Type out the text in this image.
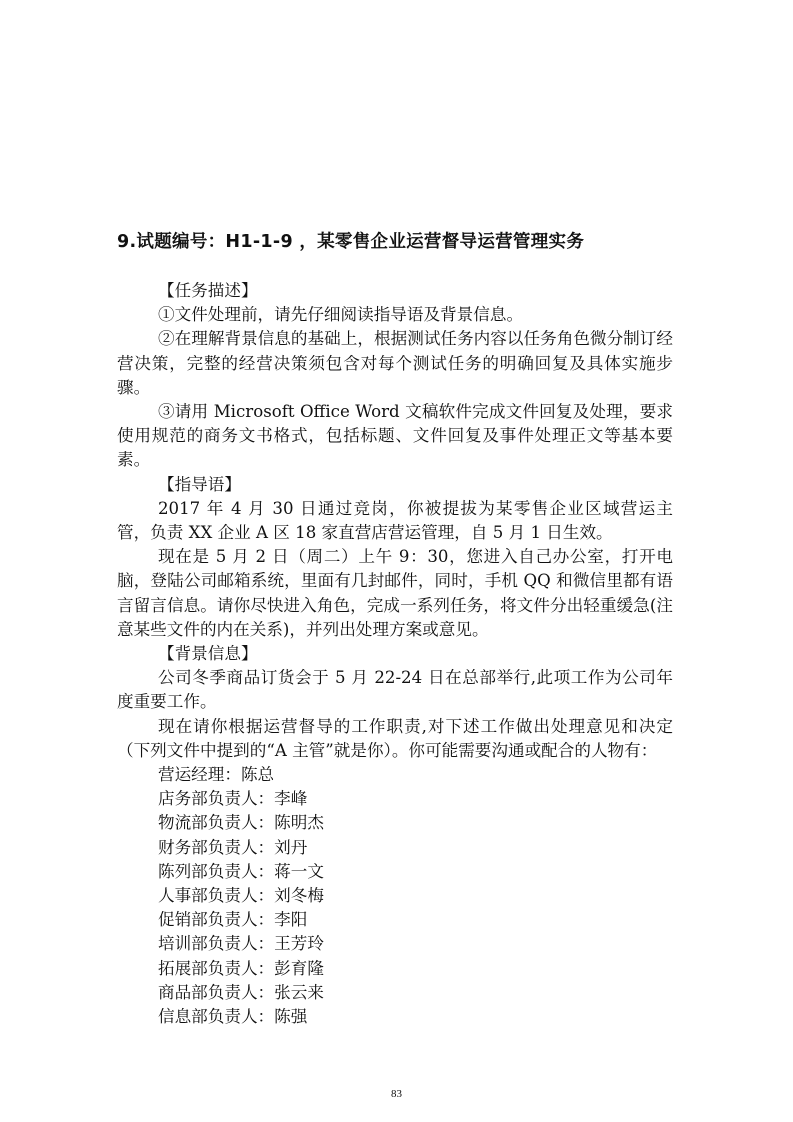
9.试题编号：H1-1-9 ，某零售企业运营督导运营管理实务

【任务描述】

①文件处理前，请先仔细阅读指导语及背景信息。

②在理解背景信息的基础上，根据测试任务内容以任务角色微分制订经营决策，完整的经营决策须包含对每个测试任务的明确回复及具体实施步骤。

③请用 Microsoft Office Word 文稿软件完成文件回复及处理，要求使用规范的商务文书格式，包括标题、文件回复及事件处理正文等基本要素。

【指导语】

2017 年 4 月 30 日通过竞岗，你被提拔为某零售企业区域营运主管，负责 XX 企业 A 区 18 家直营店营运管理，自 5 月 1 日生效。

现在是 5 月 2 日（周二）上午 9：30，您进入自己办公室，打开电脑，登陆公司邮箱系统，里面有几封邮件，同时，手机 QQ 和微信里都有语言留言信息。请你尽快进入角色，完成一系列任务，将文件分出轻重缓急(注意某些文件的内在关系)，并列出处理方案或意见。

【背景信息】

公司冬季商品订货会于 5 月 22-24 日在总部举行,此项工作为公司年度重要工作。

现在请你根据运营督导的工作职责,对下述工作做出处理意见和决定（下列文件中提到的“A 主管”就是你）。你可能需要沟通或配合的人物有：

营运经理：陈总

店务部负责人：李峰

物流部负责人：陈明杰

财务部负责人：刘丹

陈列部负责人：蒋一文

人事部负责人：刘冬梅

促销部负责人：李阳

培训部负责人：王芳玲

拓展部负责人：彭育隆

商品部负责人：张云来

信息部负责人：陈强

83
